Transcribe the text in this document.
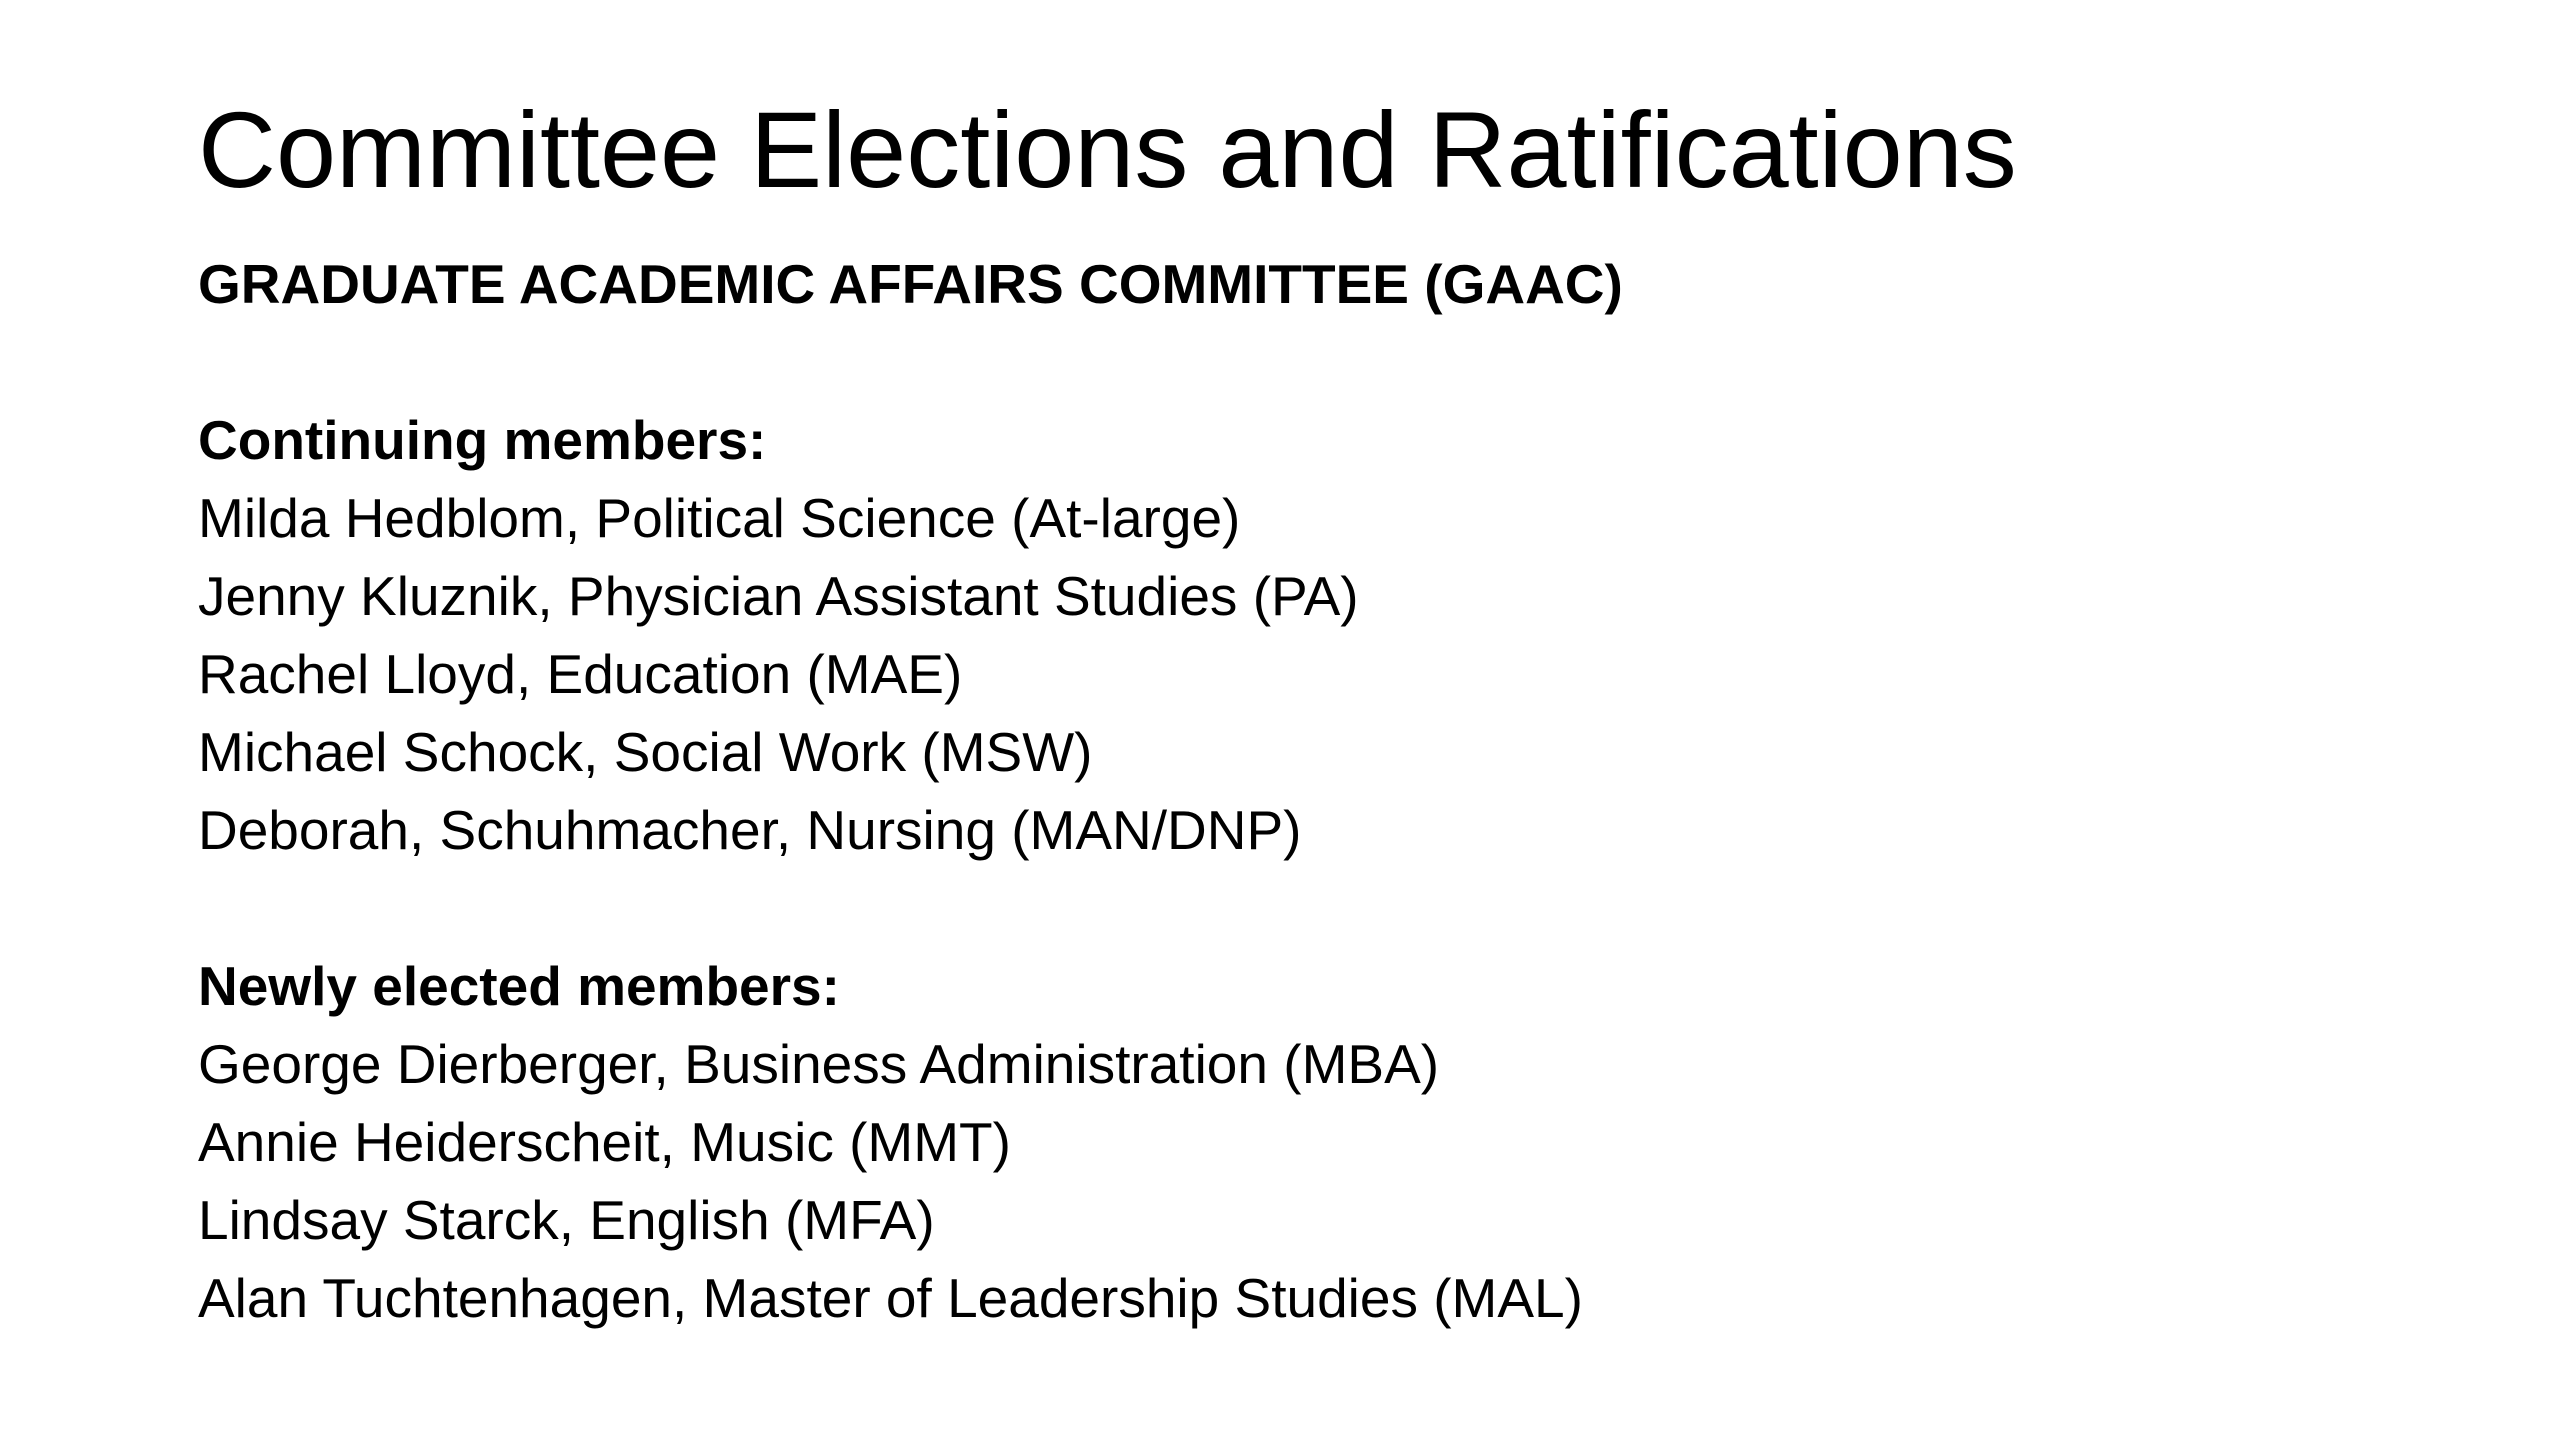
Committee Elections and Ratifications
GRADUATE ACADEMIC AFFAIRS COMMITTEE (GAAC)
Continuing members:
Milda Hedblom, Political Science (At-large)
Jenny Kluznik, Physician Assistant Studies (PA)
Rachel Lloyd, Education (MAE)
Michael Schock, Social Work (MSW)
Deborah, Schuhmacher, Nursing (MAN/DNP)
Newly elected members:
George Dierberger, Business Administration (MBA)
Annie Heiderscheit, Music (MMT)
Lindsay Starck, English (MFA)
Alan Tuchtenhagen, Master of Leadership Studies (MAL)
